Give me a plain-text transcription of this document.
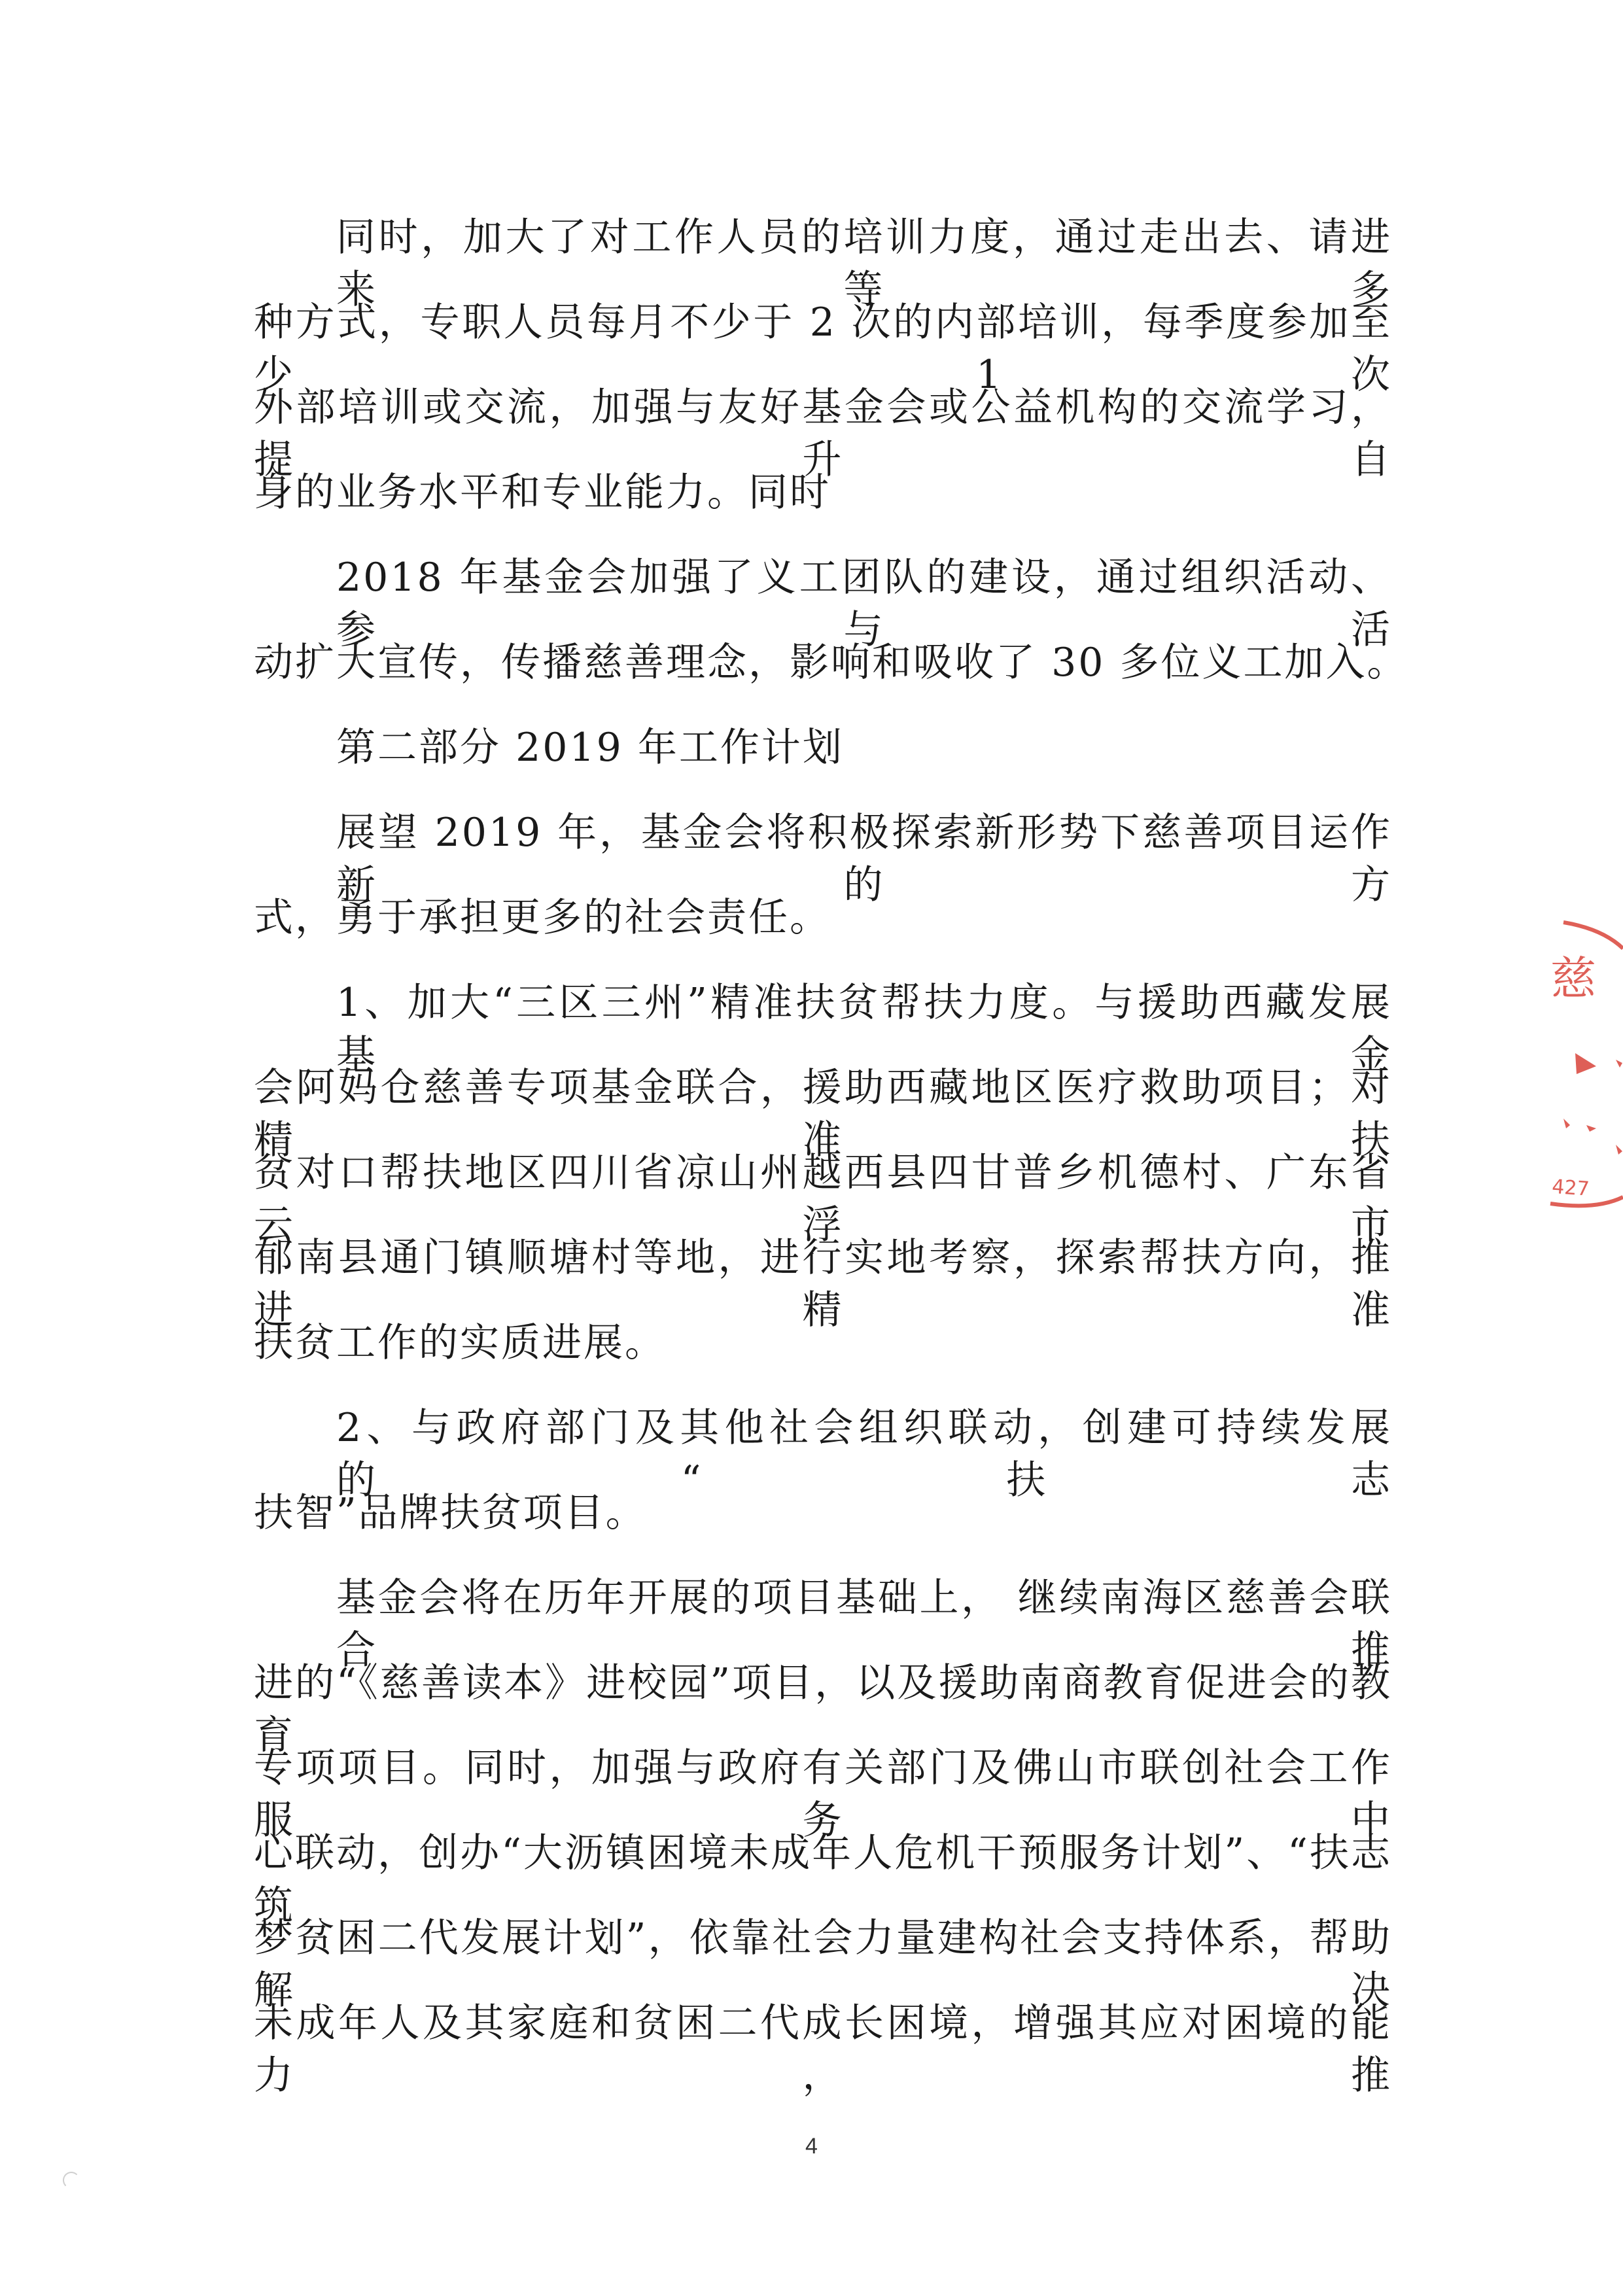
同时，加大了对工作人员的培训力度，通过走出去、请进来等多
种方式，专职人员每月不少于 2 次的内部培训，每季度参加至少 1 次
外部培训或交流，加强与友好基金会或公益机构的交流学习，提升自
身的业务水平和专业能力。同时
2018 年基金会加强了义工团队的建设，通过组织活动、参与活
动扩大宣传，传播慈善理念，影响和吸收了 30 多位义工加入。
第二部分 2019 年工作计划
展望 2019 年，基金会将积极探索新形势下慈善项目运作新的方
式，勇于承担更多的社会责任。
1、加大“三区三州”精准扶贫帮扶力度。与援助西藏发展基金
会阿妈仓慈善专项基金联合，援助西藏地区医疗救助项目；对精准扶
贫对口帮扶地区四川省凉山州越西县四甘普乡机德村、广东省云浮市
郁南县通门镇顺塘村等地，进行实地考察，探索帮扶方向，推进精准
扶贫工作的实质进展。
2、与政府部门及其他社会组织联动，创建可持续发展的“扶志
扶智”品牌扶贫项目。
基金会将在历年开展的项目基础上， 继续南海区慈善会联合推
进的“《慈善读本》进校园”项目，以及援助南商教育促进会的教育
专项项目。同时，加强与政府有关部门及佛山市联创社会工作服务中
心联动，创办“大沥镇困境未成年人危机干预服务计划”、“扶志筑
梦贫困二代发展计划”，依靠社会力量建构社会支持体系，帮助解决
未成年人及其家庭和贫困二代成长困境，增强其应对困境的能力，推
4
慈
427
